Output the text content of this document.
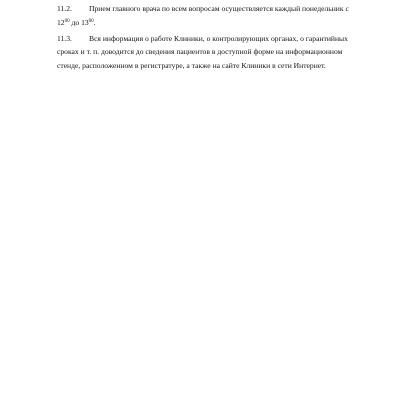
11.2. Прием главного врача по всем вопросам осуществляется каждый понедельник с
$12^{00}$ до $13^{00}$.
11.3. Вся информация о работе Клиники, о контролирующих органах, о гарантийных
сроках и т. п. доводится до сведения пациентов в доступной форме на информационном
стенде, расположенном в регистратуре, а также на сайте Клиники в сети Интернет.
